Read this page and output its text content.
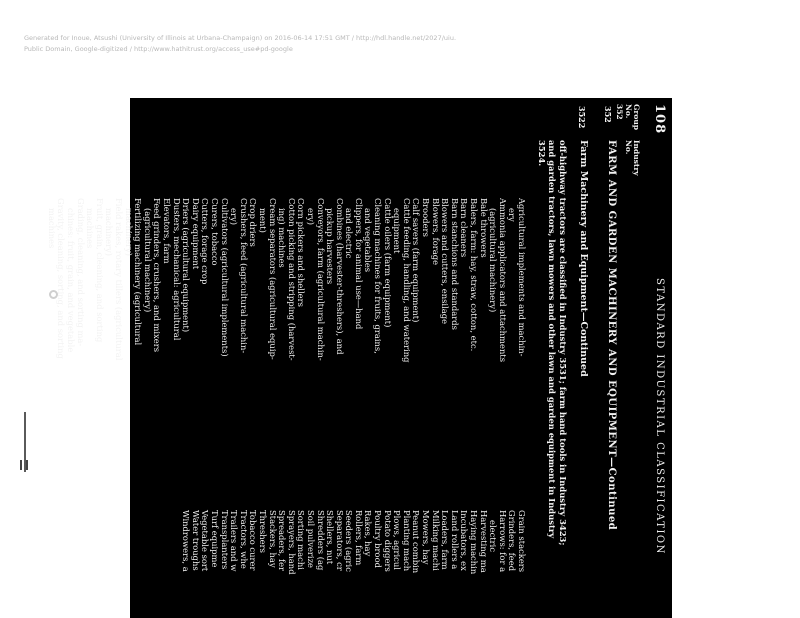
Generated for Inoue, Atsushi (University of Illinois at Urbana-Champaign) on 2016-06-14 17:51 GMT / http://hdl.handle.net/2027/uiu.
Public Domain, Google-digitized / http://www.hathitrust.org/access_use#pd-google
108
STANDARD INDUSTRIAL CLASSIFICATION
Group
No.
352
Industry
No.
352
FARM AND GARDEN MACHINERY AND EQUIPMENT—Continued
3522
Farm Machinery and Equipment—Continued
off-highway tractors are classified in Industry 3531; farm hand tools in Industry 3423;
and garden tractors, lawn mowers and other lawn and garden equipment in Industry
3524.
Agricultural implements and machin-
ery
Ammonia applicators and attachments
(agricultural machinery)
Bale throwers
Balers, farm: hay, straw, cotton, etc.
Barn cleaners
Barn stanchions and standards
Blowers and cutters, ensilage
Blowers, forage
Brooders
Calf savers (farm equipment)
Cattle feeding, handling, and watering
equipment
Cattle oilers (farm equipment)
Cleaning machines for fruits, grains,
and vegetables
Clippers, for animal use—hand
and electric
Combines (harvester-threshers), and
pickup harvesters
Conveyors, farm (agricultural machin-
ery)
Corn pickers and shellers
Cotton picking and stripping (harvest-
ing) machines
Cream separators (agricultural equip-
ment)
Crop driers
Crushers, feed (agricultural machin-
ery)
Cultivators (agricultural implements)
Curers, tobacco
Cutters, forage crop
Dairy equipment
Driers (agricultural equipment)
Dusters, mechanical: agricultural
Elevators, farm
Feed grinders, crushers, and mixers
(agricultural machinery)
Fertilizing machinery (agricultural
machinery)
Field rakes, rotary tillers (agricultural
machinery)
Fruit, grain, cleaning, and sorting
machines
Grading, cleaning, and sorting ma-
chines: fruit, grain, and vegetable
Gravity, cleaning, sorting, and sorting
machines
Grain stackers
Grinders, feed
Harrows: for a
electric
Harvesting ma
Haying machin
Incubators, ex
Land rollers a
Loaders, farm
Milking machi
Mowers, hay
Peanut combin
Planting mach
Plows, agricul
Potato diggers
Poultry brood
Rakes, hay
Rollers, farm
Seeders (agric
Separators, cr
Shellers, nut
Shredders (ag
Soil pulverize
Sorting machi
Sprayers, hand
Spreaders, fer
Stackers, hay
Threshers
Tobacco curer
Tractors, whe
Trailers and w
Transplanters
Turf equipme
Vegetable sort
Water troughs
Windrowers, a
